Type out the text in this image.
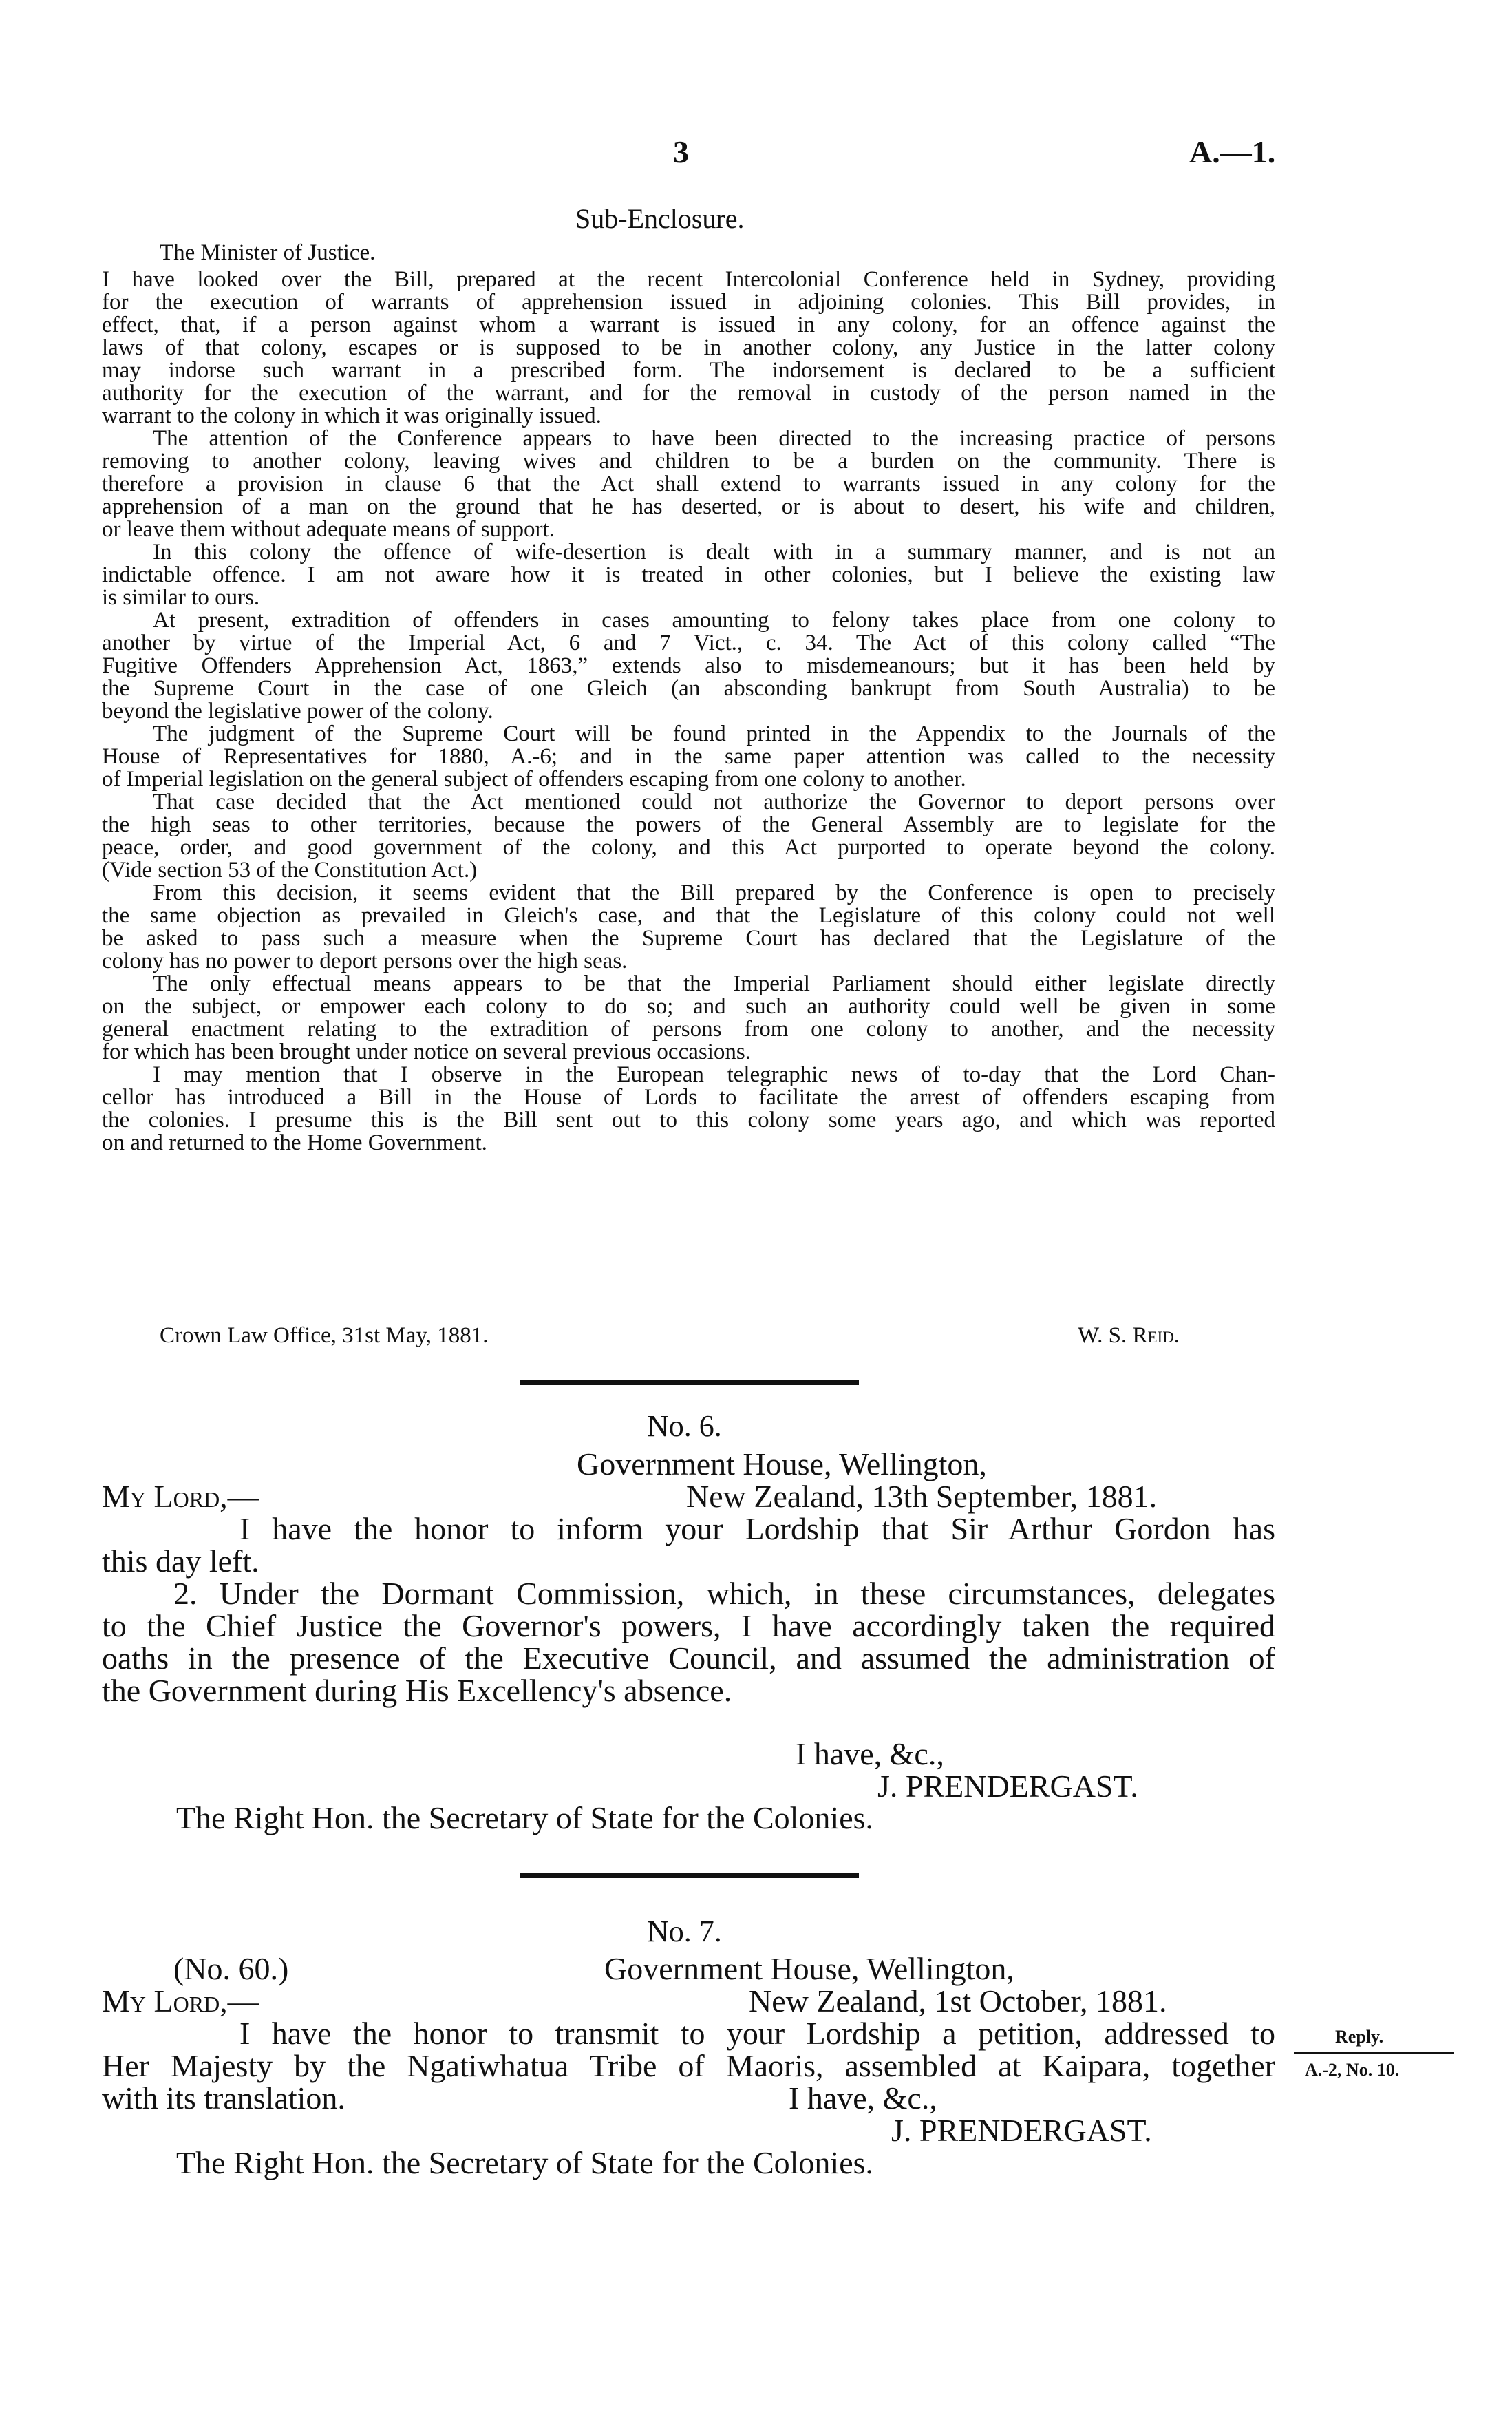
3	A.—1.
Sub-Enclosure.
The Minister of Justice.
I have looked over the Bill, prepared at the recent Intercolonial Conference held in Sydney, providing
for the execution of warrants of apprehension issued in adjoining colonies. This Bill provides, in
effect, that, if a person against whom a warrant is issued in any colony, for an offence against the
laws of that colony, escapes or is supposed to be in another colony, any Justice in the latter colony
may indorse such warrant in a prescribed form. The indorsement is declared to be a sufficient
authority for the execution of the warrant, and for the removal in custody of the person named in the
warrant to the colony in which it was originally issued.
The attention of the Conference appears to have been directed to the increasing practice of persons
removing to another colony, leaving wives and children to be a burden on the community. There is
therefore a provision in clause 6 that the Act shall extend to warrants issued in any colony for the
apprehension of a man on the ground that he has deserted, or is about to desert, his wife and children,
or leave them without adequate means of support.
In this colony the offence of wife-desertion is dealt with in a summary manner, and is not an
indictable offence. I am not aware how it is treated in other colonies, but I believe the existing law
is similar to ours.
At present, extradition of offenders in cases amounting to felony takes place from one colony to
another by virtue of the Imperial Act, 6 and 7 Vict., c. 34. The Act of this colony called “The
Fugitive Offenders Apprehension Act, 1863,” extends also to misdemeanours; but it has been held by
the Supreme Court in the case of one Gleich (an absconding bankrupt from South Australia) to be
beyond the legislative power of the colony.
The judgment of the Supreme Court will be found printed in the Appendix to the Journals of the
House of Representatives for 1880, A.-6; and in the same paper attention was called to the necessity
of Imperial legislation on the general subject of offenders escaping from one colony to another.
That case decided that the Act mentioned could not authorize the Governor to deport persons over
the high seas to other territories, because the powers of the General Assembly are to legislate for the
peace, order, and good government of the colony, and this Act purported to operate beyond the colony.
(Vide section 53 of the Constitution Act.)
From this decision, it seems evident that the Bill prepared by the Conference is open to precisely
the same objection as prevailed in Gleich's case, and that the Legislature of this colony could not well
be asked to pass such a measure when the Supreme Court has declared that the Legislature of the
colony has no power to deport persons over the high seas.
The only effectual means appears to be that the Imperial Parliament should either legislate directly
on the subject, or empower each colony to do so; and such an authority could well be given in some
general enactment relating to the extradition of persons from one colony to another, and the necessity
for which has been brought under notice on several previous occasions.
I may mention that I observe in the European telegraphic news of to-day that the Lord Chan-
cellor has introduced a Bill in the House of Lords to facilitate the arrest of offenders escaping from
the colonies. I presume this is the Bill sent out to this colony some years ago, and which was reported
on and returned to the Home Government.
Crown Law Office, 31st May, 1881.	W. S. Reid.
No. 6.
Government House, Wellington,
My Lord,—	New Zealand, 13th September, 1881.
I have the honor to inform your Lordship that Sir Arthur Gordon has
this day left.
2. Under the Dormant Commission, which, in these circumstances, delegates
to the Chief Justice the Governor's powers, I have accordingly taken the required
oaths in the presence of the Executive Council, and assumed the administration of
the Government during His Excellency's absence.
I have, &c.,
J. PRENDERGAST.
The Right Hon. the Secretary of State for the Colonies.
No. 7.
(No. 60.)	Government House, Wellington,
My Lord,—	New Zealand, 1st October, 1881.
I have the honor to transmit to your Lordship a petition, addressed to
Her Majesty by the Ngatiwhatua Tribe of Maoris, assembled at Kaipara, together
with its translation.	I have, &c.,
J. PRENDERGAST.
The Right Hon. the Secretary of State for the Colonies.
Reply.
A.-2, No. 10.
